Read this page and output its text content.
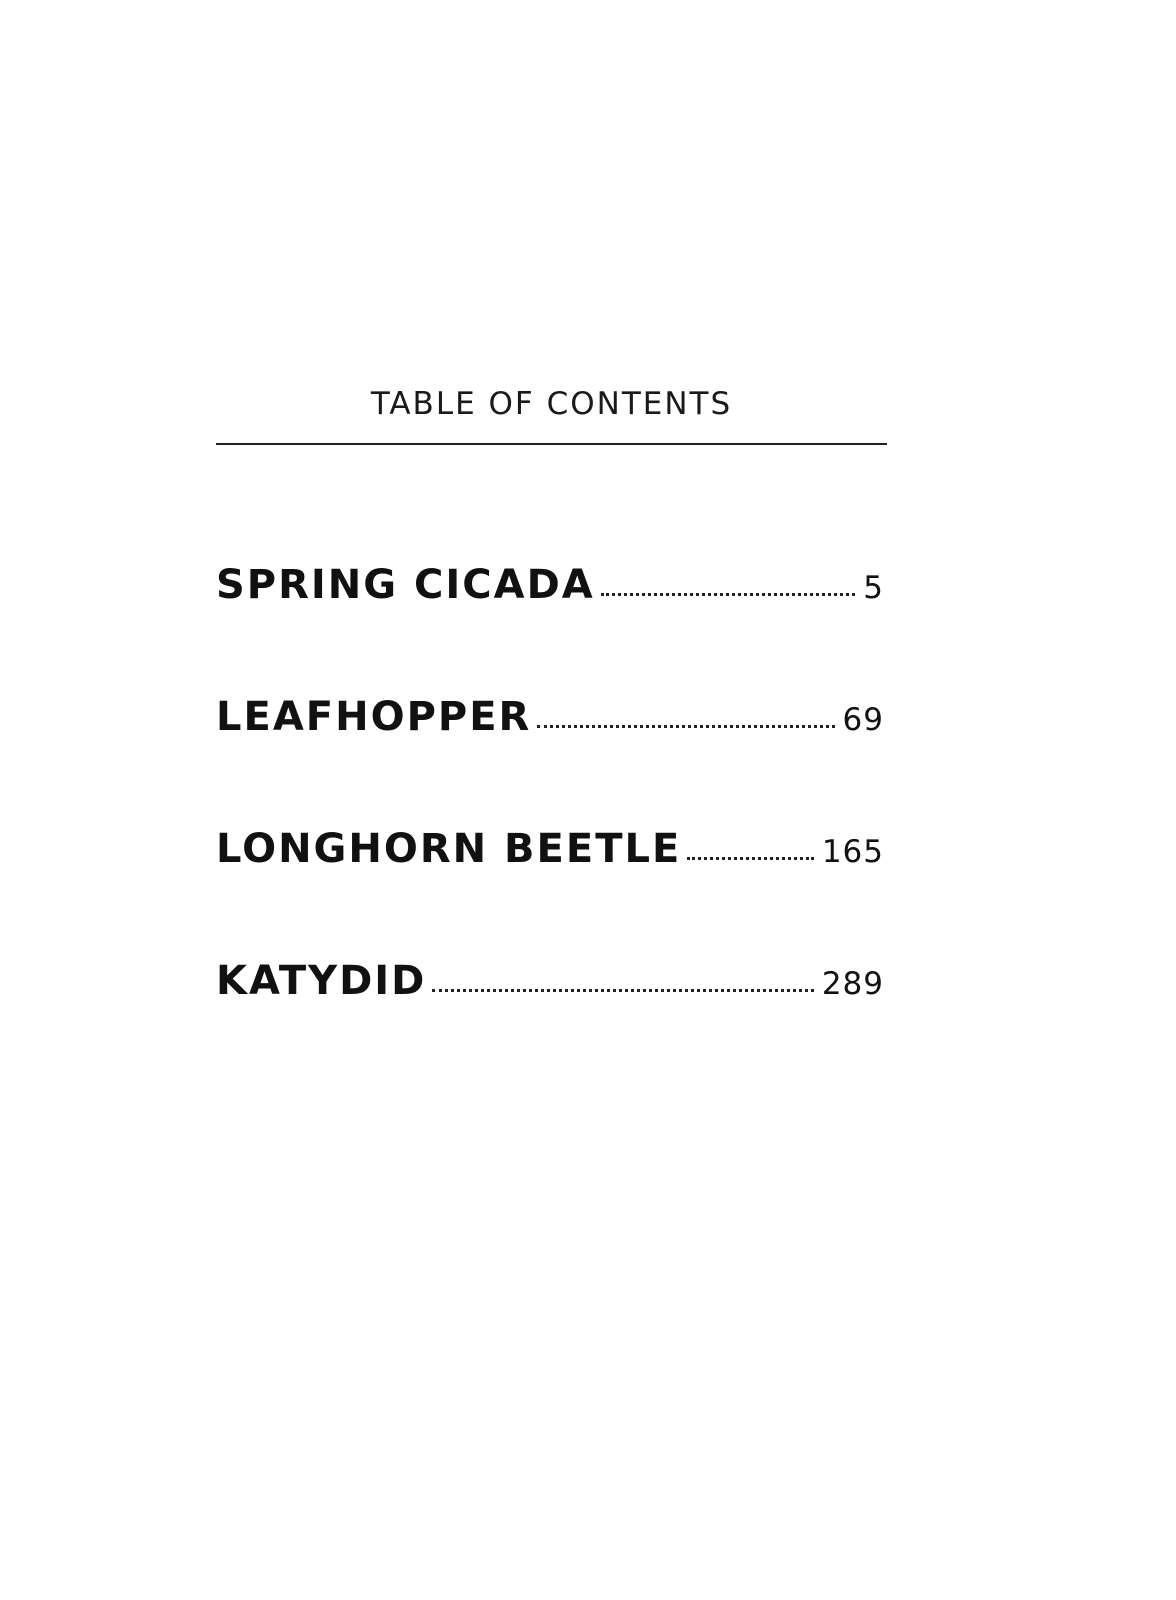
TABLE OF CONTENTS
SPRING CICADA	5
LEAFHOPPER	69
LONGHORN BEETLE	165
KATYDID	289
